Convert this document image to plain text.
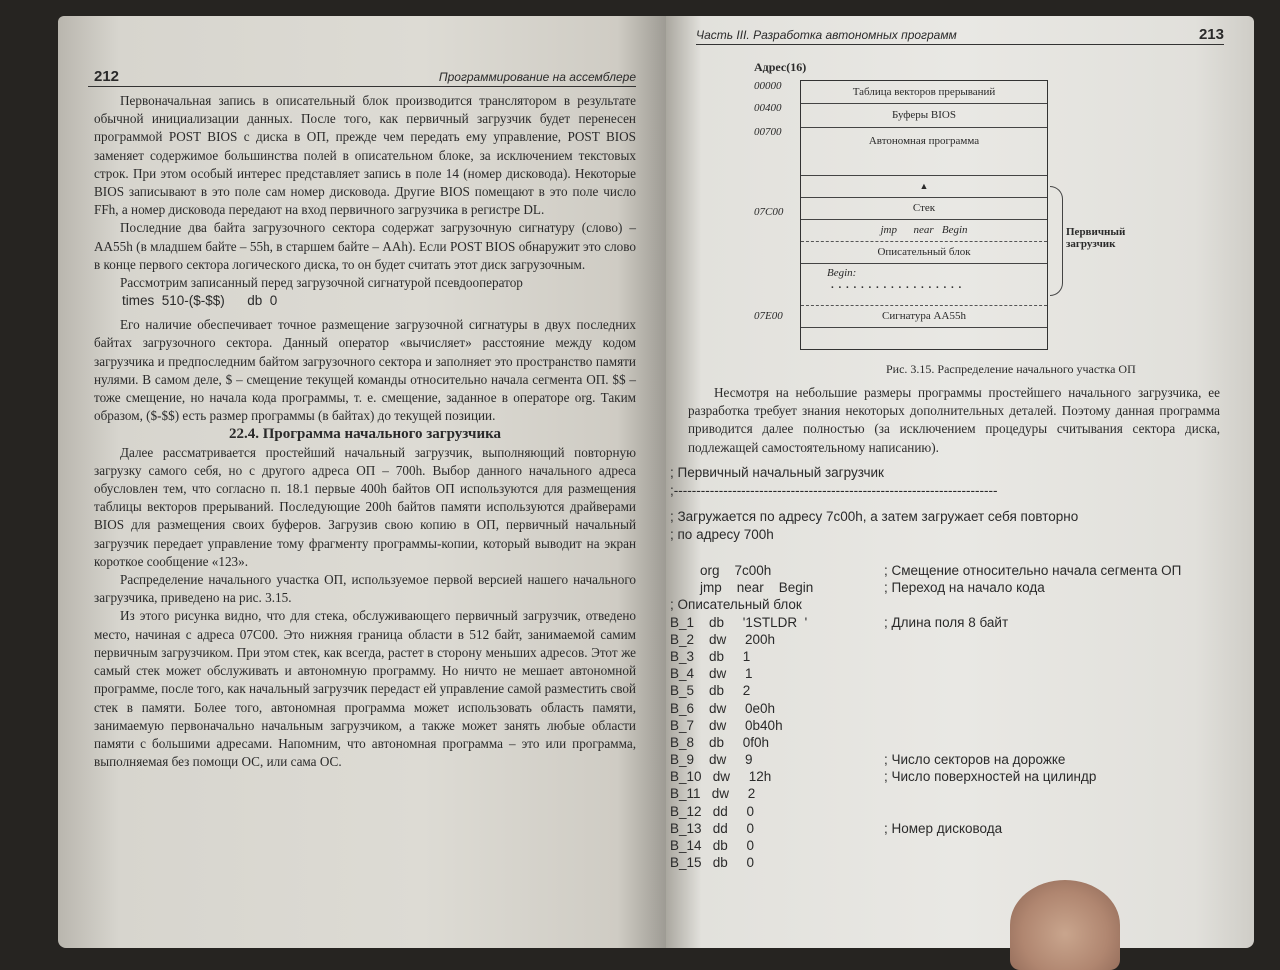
212	Программирование на ассемблере

Первоначальная запись в описательный блок производится транслятором в результате обычной инициализации данных. После того, как первичный загрузчик будет перенесен программой POST BIOS с диска в ОП, прежде чем передать ему управление, POST BIOS заменяет содержимое большинства полей в описательном блоке, за исключением текстовых строк. При этом особый интерес представляет запись в поле 14 (номер дисковода). Некоторые BIOS записывают в это поле сам номер дисковода. Другие BIOS помещают в это поле число FFh, а номер дисковода передают на вход первичного загрузчика в регистре DL.

Последние два байта загрузочного сектора содержат загрузочную сигнатуру (слово) – AA55h (в младшем байте – 55h, в старшем байте – AAh). Если POST BIOS обнаружит это слово в конце первого сектора логического диска, то он будет считать этот диск загрузочным.

Рассмотрим записанный перед загрузочной сигнатурой псевдооператор

times  510-($-$$)      db  0

Его наличие обеспечивает точное размещение загрузочной сигнатуры в двух последних байтах загрузочного сектора. Данный оператор «вычисляет» расстояние между кодом загрузчика и предпоследним байтом загрузочного сектора и заполняет это пространство памяти нулями. В самом деле, $ – смещение текущей команды относительно начала сегмента ОП. $$ – тоже смещение, но начала кода программы, т. е. смещение, заданное в операторе org. Таким образом, ($-$$) есть размер программы (в байтах) до текущей позиции.

22.4. Программа начального загрузчика

Далее рассматривается простейший начальный загрузчик, выполняющий повторную загрузку самого себя, но с другого адреса ОП – 700h. Выбор данного начального адреса обусловлен тем, что согласно п. 18.1 первые 400h байтов ОП используются для размещения таблицы векторов прерываний. Последующие 200h байтов памяти используются драйверами BIOS для размещения своих буферов. Загрузив свою копию в ОП, первичный начальный загрузчик передает управление тому фрагменту программы-копии, который выводит на экран короткое сообщение «123».

Распределение начального участка ОП, используемое первой версией нашего начального загрузчика, приведено на рис. 3.15.

Из этого рисунка видно, что для стека, обслуживающего первичный загрузчик, отведено место, начиная с адреса 07C00. Это нижняя граница области в 512 байт, занимаемой самим первичным загрузчиком. При этом стек, как всегда, растет в сторону меньших адресов. Этот же самый стек может обслуживать и автономную программу. Но ничто не мешает автономной программе, после того, как начальный загрузчик передаст ей управление самой разместить свой стек в памяти. Более того, автономная программа может использовать область памяти, занимаемую первоначально начальным загрузчиком, а также может занять любые области памяти с большими адресами. Напомним, что автономная программа – это или программа, выполняемая без помощи ОС, или сама ОС.

Часть III. Разработка автономных программ	213
Адрес(16)
00000
00400
00700
07C00
07E00
Таблица векторов прерываний
Буферы BIOS
Автономная программа
▲
Стек
jmp      near   Begin
Описательный блок
Begin:
. . . . . . . . . . . . . . . . . .
Сигнатура AA55h
Первичный загрузчик
Рис. 3.15. Распределение начального участка ОП

Несмотря на небольшие размеры программы простейшего начального загрузчика, ее разработка требует знания некоторых дополнительных деталей. Поэтому данная программа приводится далее полностью (за исключением процедуры считывания сектора диска, подлежащей самостоятельному написанию).

; Первичный начальный загрузчик
;------------------------------------------------------------------------
; Загружается по адресу 7c00h, а затем загружает себя повторно
; по адресу 700h
org    7c00h	; Смещение относительно начала сегмента ОП
jmp    near    Begin	; Переход на начало кода
; Описательный блок
B_1    db     '1STLDR  '	; Длина поля 8 байт
B_2    dw     200h
B_3    db     1
B_4    dw     1
B_5    db     2
B_6    dw     0e0h
B_7    dw     0b40h
B_8    db     0f0h
B_9    dw     9	; Число секторов на дорожке
B_10   dw     12h	; Число поверхностей на цилиндр
B_11   dw     2
B_12   dd     0
B_13   dd     0	; Номер дисковода
B_14   db     0
B_15   db     0
